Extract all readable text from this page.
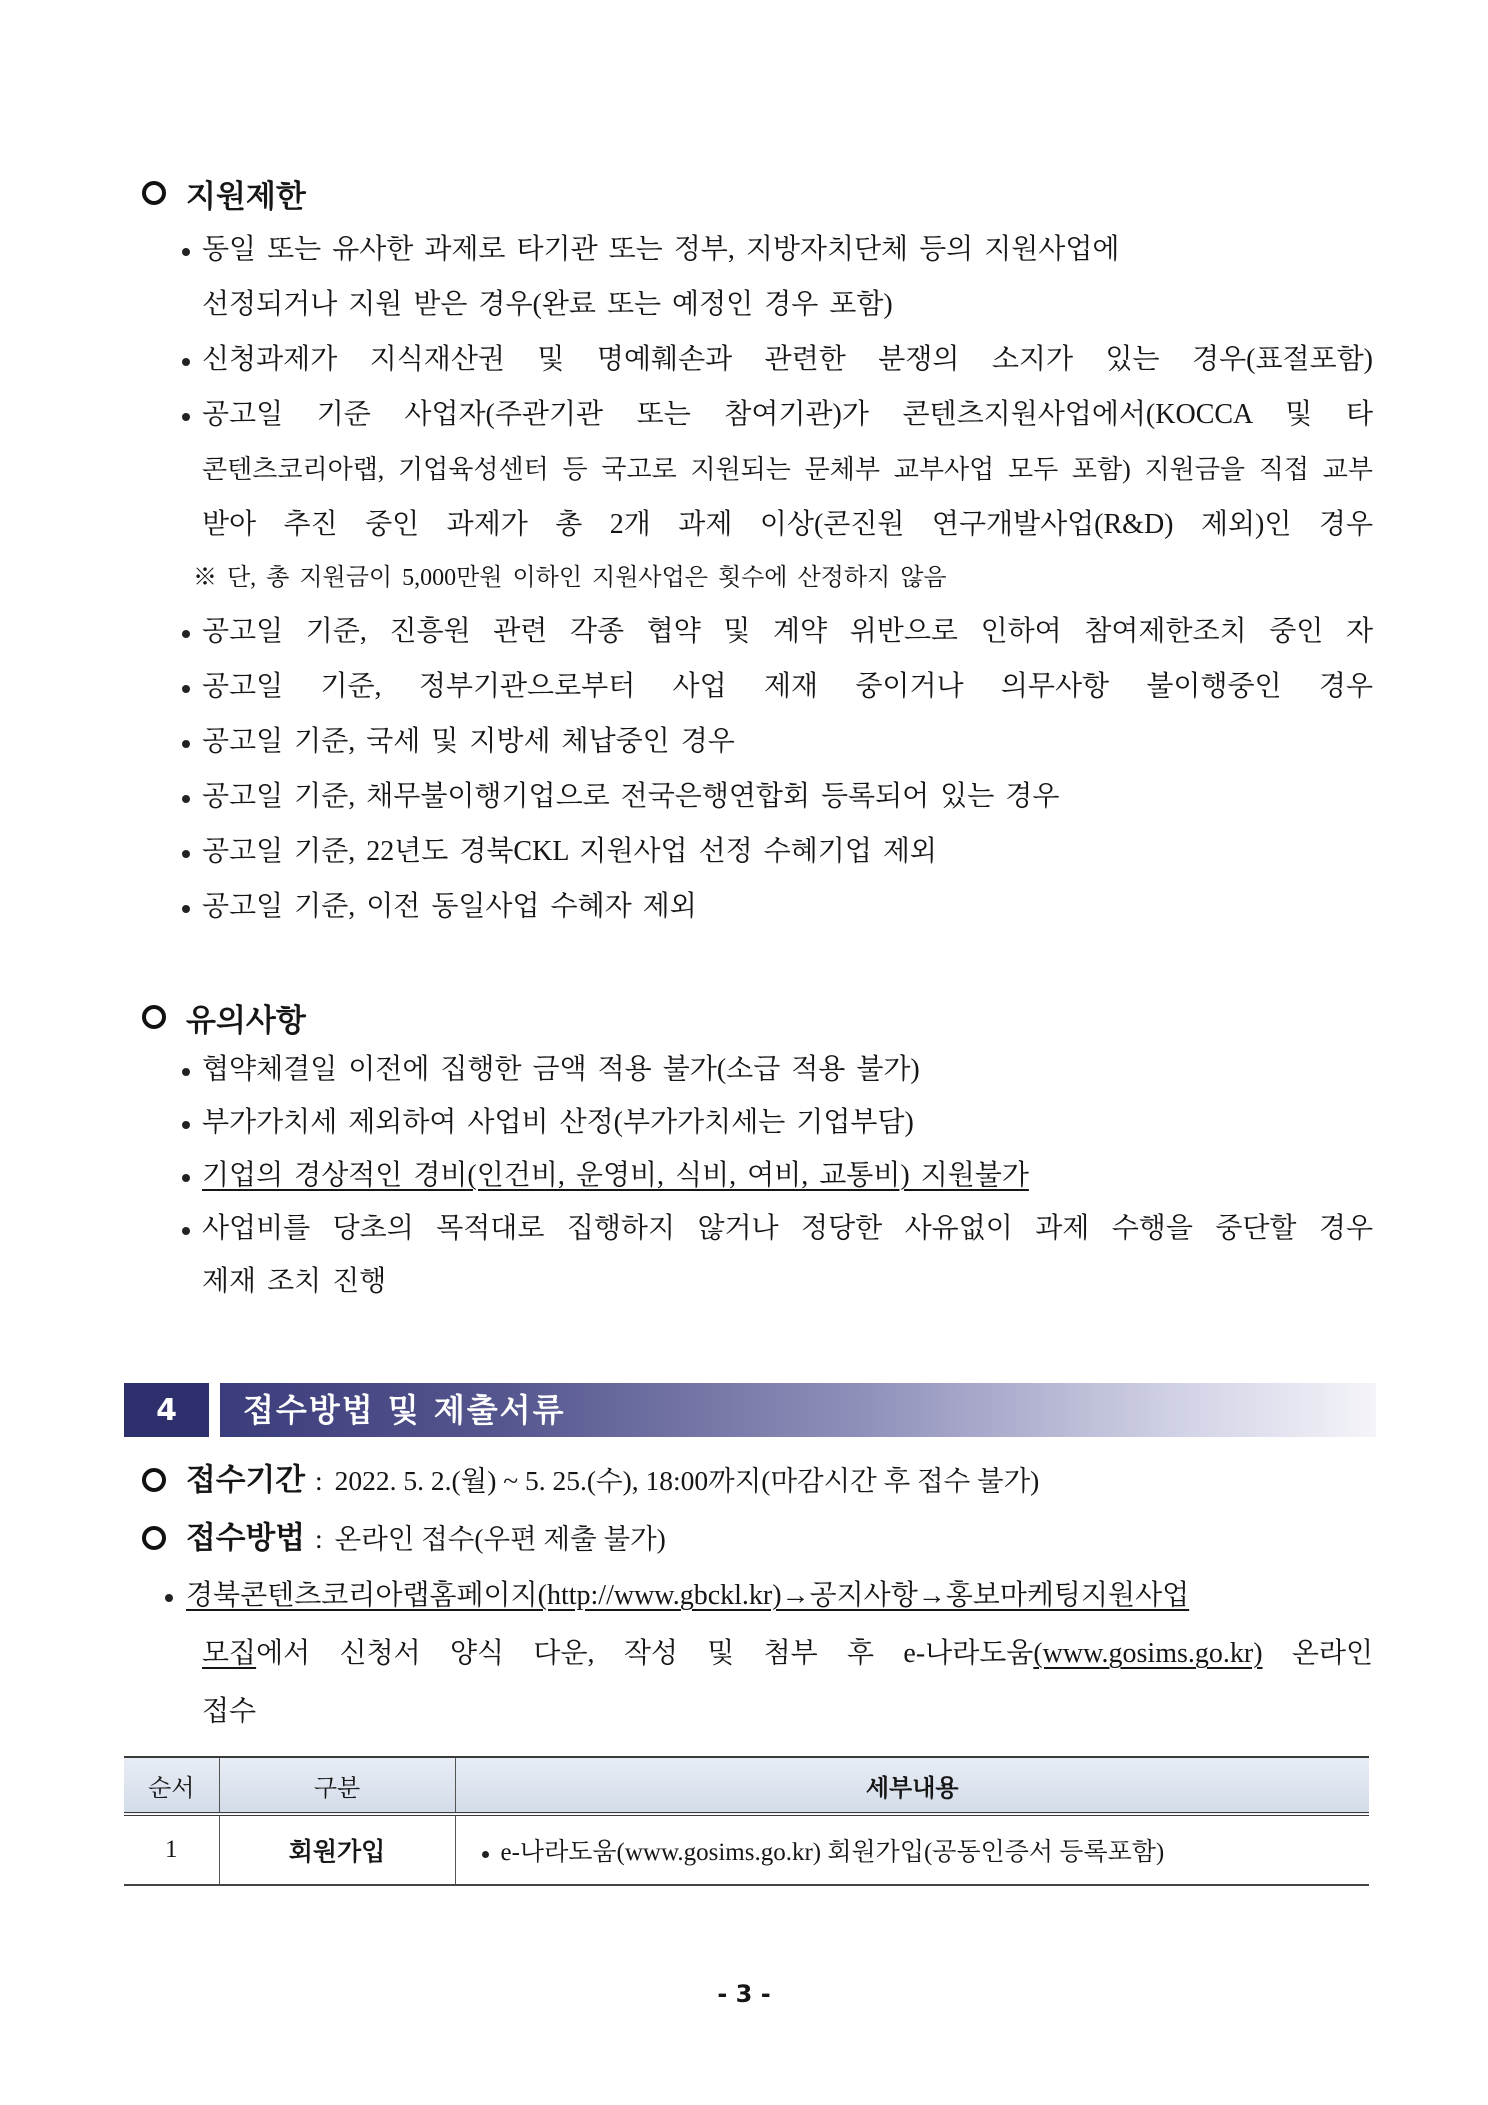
지원제한
동일 또는 유사한 과제로 타기관 또는 정부, 지방자치단체 등의 지원사업에
선정되거나 지원 받은 경우(완료 또는 예정인 경우 포함)
신청과제가 지식재산권 및 명예훼손과 관련한 분쟁의 소지가 있는 경우(표절포함)
공고일 기준 사업자(주관기관 또는 참여기관)가 콘텐츠지원사업에서(KOCCA 및 타
콘텐츠코리아랩, 기업육성센터 등 국고로 지원되는 문체부 교부사업 모두 포함) 지원금을 직접 교부
받아 추진 중인 과제가 총 2개 과제 이상(콘진원 연구개발사업(R&D) 제외)인 경우
※ 단, 총 지원금이 5,000만원 이하인 지원사업은 횟수에 산정하지 않음
공고일 기준, 진흥원 관련 각종 협약 및 계약 위반으로 인하여 참여제한조치 중인 자
공고일 기준, 정부기관으로부터 사업 제재 중이거나 의무사항 불이행중인 경우
공고일 기준, 국세 및 지방세 체납중인 경우
공고일 기준, 채무불이행기업으로 전국은행연합회 등록되어 있는 경우
공고일 기준, 22년도 경북CKL 지원사업 선정 수혜기업 제외
공고일 기준, 이전 동일사업 수혜자 제외
유의사항
협약체결일 이전에 집행한 금액 적용 불가(소급 적용 불가)
부가가치세 제외하여 사업비 산정(부가가치세는 기업부담)
기업의 경상적인 경비(인건비, 운영비, 식비, 여비, 교통비) 지원불가
사업비를 당초의 목적대로 집행하지 않거나 정당한 사유없이 과제 수행을 중단할 경우
제재 조치 진행
4	접수방법 및 제출서류
접수기간 : 2022. 5. 2.(월) ~ 5. 25.(수), 18:00까지(마감시간 후 접수 불가)
접수방법 : 온라인 접수(우편 제출 불가)
경북콘텐츠코리아랩홈페이지(http://www.gbckl.kr)→공지사항→홍보마케팅지원사업
모집에서 신청서 양식 다운, 작성 및 첨부 후 e-나라도움(www.gosims.go.kr) 온라인
접수
순서	구분	세부내용
1	회원가입	e-나라도움(www.gosims.go.kr) 회원가입(공동인증서 등록포함)
- 3 -
